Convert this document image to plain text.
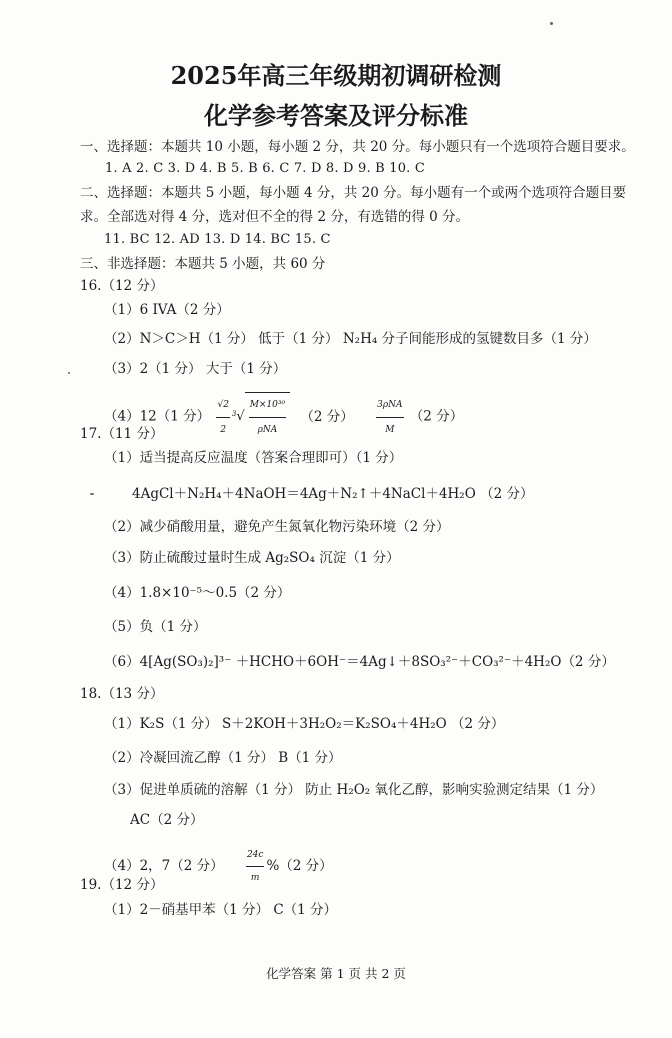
2025年高三年级期初调研检测
化学参考答案及评分标准
一、选择题：本题共 10 小题，每小题 2 分，共 20 分。每小题只有一个选项符合题目要求。
1. A 2. C 3. D 4. B 5. B 6. C 7. D 8. D 9. B 10. C
二、选择题：本题共 5 小题，每小题 4 分，共 20 分。每小题有一个或两个选项符合题目要
求。全部选对得 4 分，选对但不全的得 2 分，有选错的得 0 分。
11. BC 12. AD 13. D 14. BC 15. C
三、非选择题：本题共 5 小题，共 60 分
16.（12 分）
（1）6 IVA（2 分）
（2）N＞C＞H（1 分） 低于（1 分） N₂H₄ 分子间能形成的氢键数目多（1 分）
（3）2（1 分） 大于（1 分）
（4）12（1 分） $\frac{√2}{2} ^3√ \frac{\text{M×10³⁰}}{\text{ρNA}} (2$ 分） $\frac{\text{3ρNA}}{M} (2$ 分）
17.（11 分）
（1）适当提高反应温度（答案合理即可）（1 分）
4AgCl＋N₂H₄＋4NaOH＝4Ag＋N₂↑＋4NaCl＋4H₂O （2 分）
（2）减少硝酸用量，避免产生氮氧化物污染环境（2 分）
（3）防止硫酸过量时生成 Ag₂SO₄ 沉淀（1 分）
（4）1.8×10⁻⁵～0.5（2 分）
（5）负（1 分）
（6）4[Ag(SO₃)₂]³⁻ ＋HCHO＋6OH⁻＝4Ag↓＋8SO₃²⁻＋CO₃²⁻＋4H₂O（2 分）
18.（13 分）
（1）K₂S（1 分） S＋2KOH＋3H₂O₂＝K₂SO₄＋4H₂O （2 分）
（2）冷凝回流乙醇（1 分） B（1 分）
（3）促进单质硫的溶解（1 分） 防止 H₂O₂ 氧化乙醇，影响实验测定结果（1 分）
AC（2 分）
（4）2，7（2 分） $\frac{24c}{m} \%(2$ 分）
19.（12 分）
（1）2－硝基甲苯（1 分） C（1 分）
化学答案 第 1 页 共 2 页
